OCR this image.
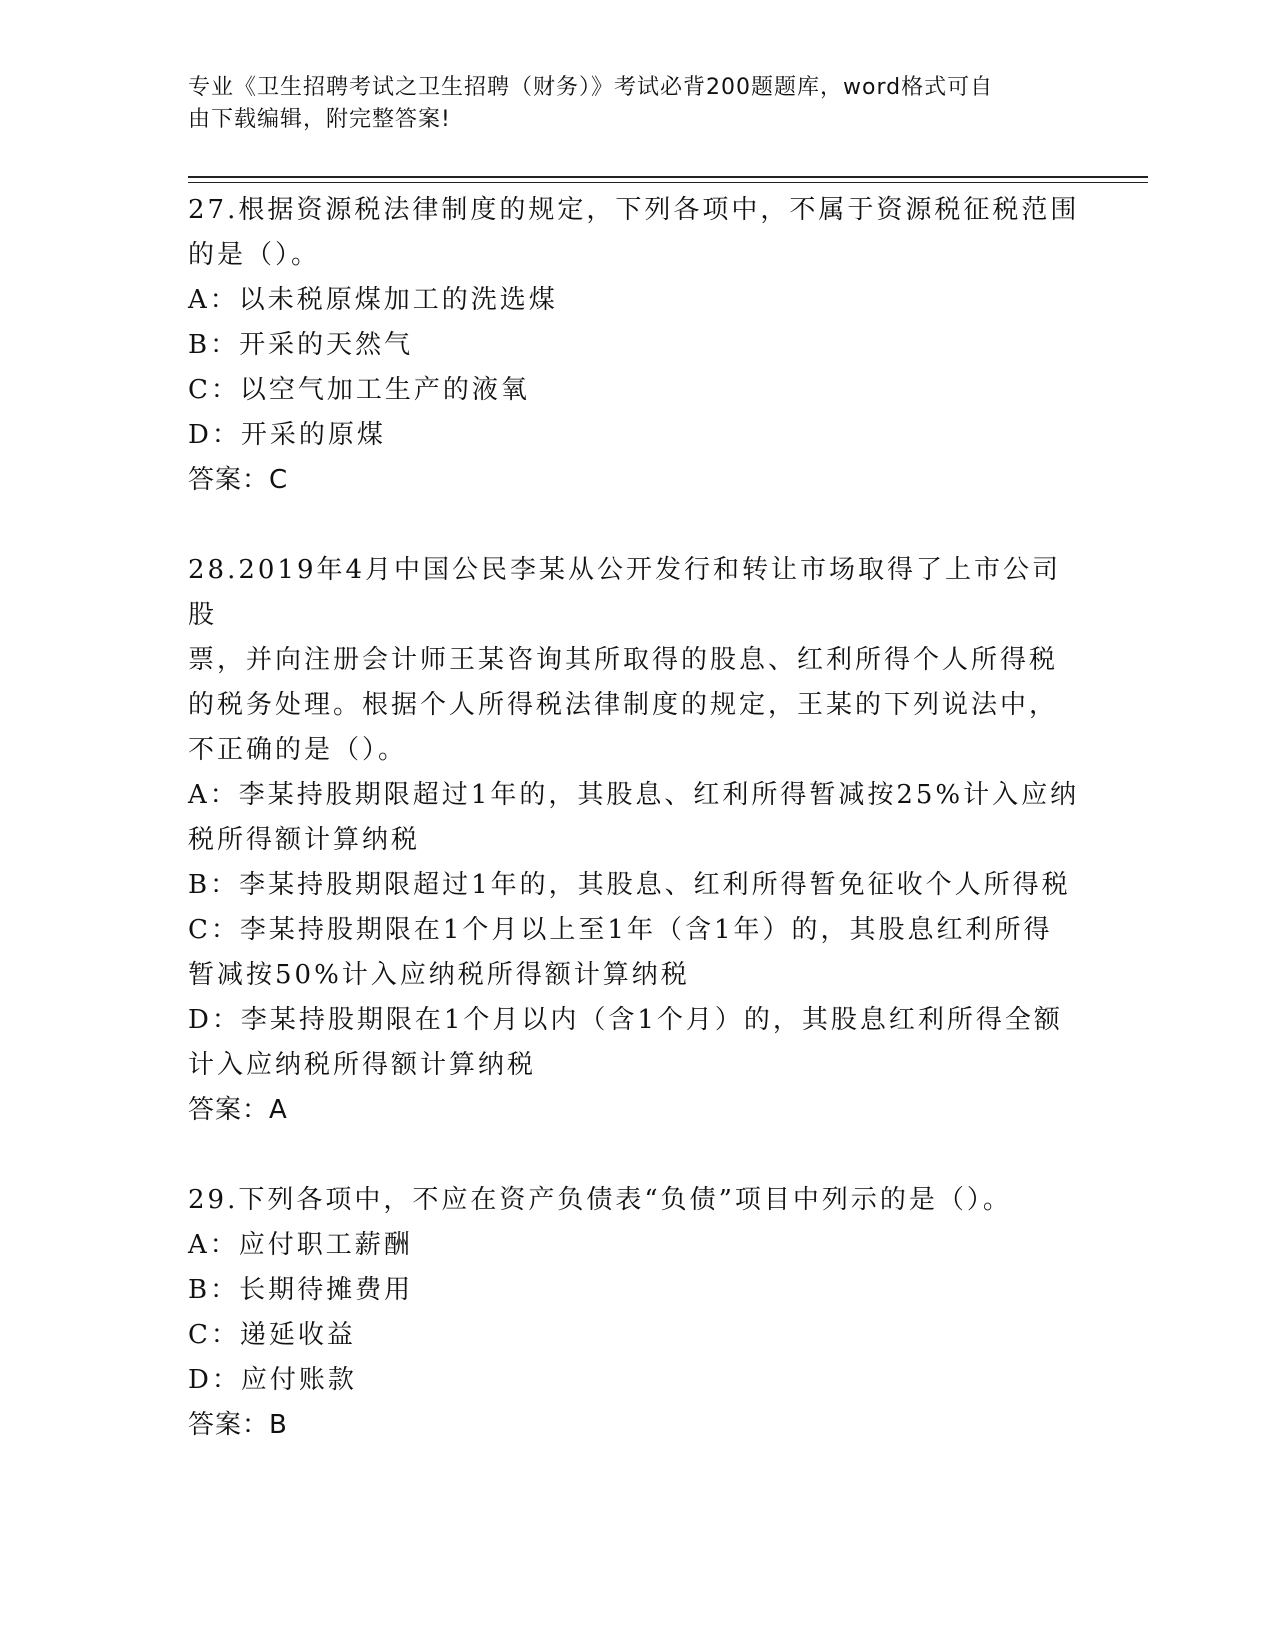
专业《卫生招聘考试之卫生招聘（财务）》考试必背200题题库，word格式可自
由下载编辑，附完整答案!
27.根据资源税法律制度的规定，下列各项中，不属于资源税征税范围
的是（）。
A：以未税原煤加工的洗选煤
B：开采的天然气
C：以空气加工生产的液氧
D：开采的原煤
答案：C
28.2019年4月中国公民李某从公开发行和转让市场取得了上市公司股
票，并向注册会计师王某咨询其所取得的股息、红利所得个人所得税
的税务处理。根据个人所得税法律制度的规定，王某的下列说法中，
不正确的是（）。
A：李某持股期限超过1年的，其股息、红利所得暂减按25%计入应纳
税所得额计算纳税
B：李某持股期限超过1年的，其股息、红利所得暂免征收个人所得税
C：李某持股期限在1个月以上至1年（含1年）的，其股息红利所得
暂减按50%计入应纳税所得额计算纳税
D：李某持股期限在1个月以内（含1个月）的，其股息红利所得全额
计入应纳税所得额计算纳税
答案：A
29.下列各项中，不应在资产负债表“负债”项目中列示的是（）。
A：应付职工薪酬
B：长期待摊费用
C：递延收益
D：应付账款
答案：B
